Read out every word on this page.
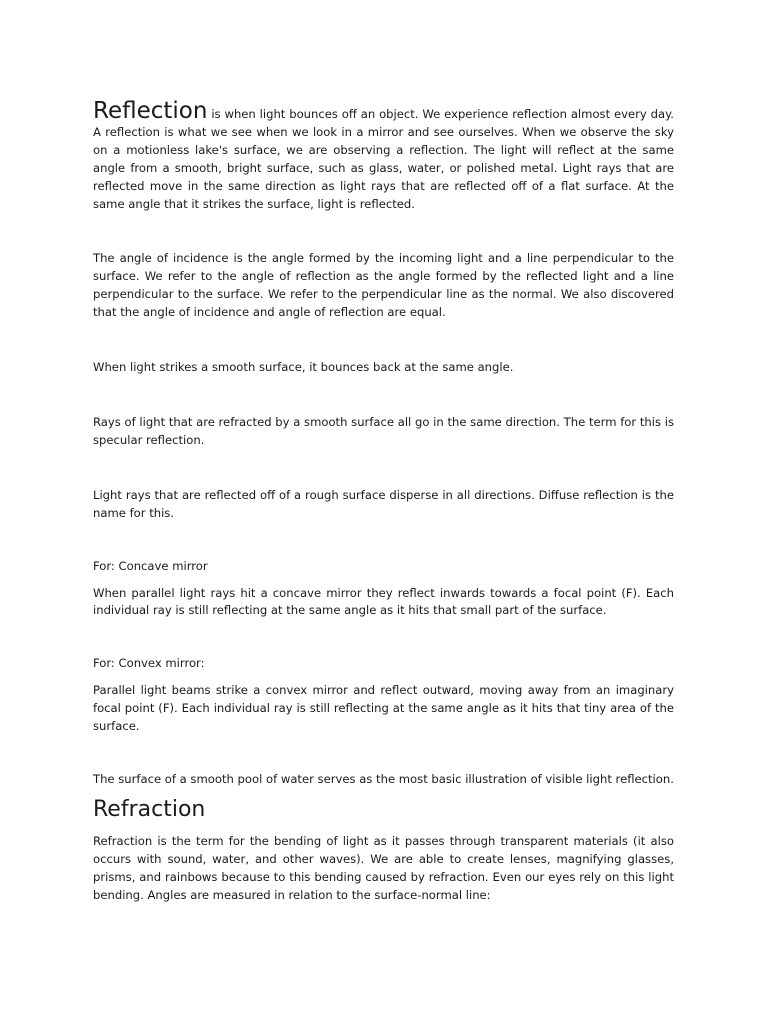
Reflection is when light bounces off an object. We experience reflection almost every day. A reflection is what we see when we look in a mirror and see ourselves. When we observe the sky on a motionless lake's surface, we are observing a reflection. The light will reflect at the same angle from a smooth, bright surface, such as glass, water, or polished metal. Light rays that are reflected move in the same direction as light rays that are reflected off of a flat surface. At the same angle that it strikes the surface, light is reflected.

The angle of incidence is the angle formed by the incoming light and a line perpendicular to the surface. We refer to the angle of reflection as the angle formed by the reflected light and a line perpendicular to the surface. We refer to the perpendicular line as the normal. We also discovered that the angle of incidence and angle of reflection are equal.

When light strikes a smooth surface, it bounces back at the same angle.

Rays of light that are refracted by a smooth surface all go in the same direction. The term for this is specular reflection.

Light rays that are reflected off of a rough surface disperse in all directions. Diffuse reflection is the name for this.

For: Concave mirror

When parallel light rays hit a concave mirror they reflect inwards towards a focal point (F). Each individual ray is still reflecting at the same angle as it hits that small part of the surface.

For: Convex mirror:

Parallel light beams strike a convex mirror and reflect outward, moving away from an imaginary focal point (F). Each individual ray is still reflecting at the same angle as it hits that tiny area of the surface.

The surface of a smooth pool of water serves as the most basic illustration of visible light reflection.

Refraction

Refraction is the term for the bending of light as it passes through transparent materials (it also occurs with sound, water, and other waves). We are able to create lenses, magnifying glasses, prisms, and rainbows because to this bending caused by refraction. Even our eyes rely on this light bending. Angles are measured in relation to the surface-normal line:
